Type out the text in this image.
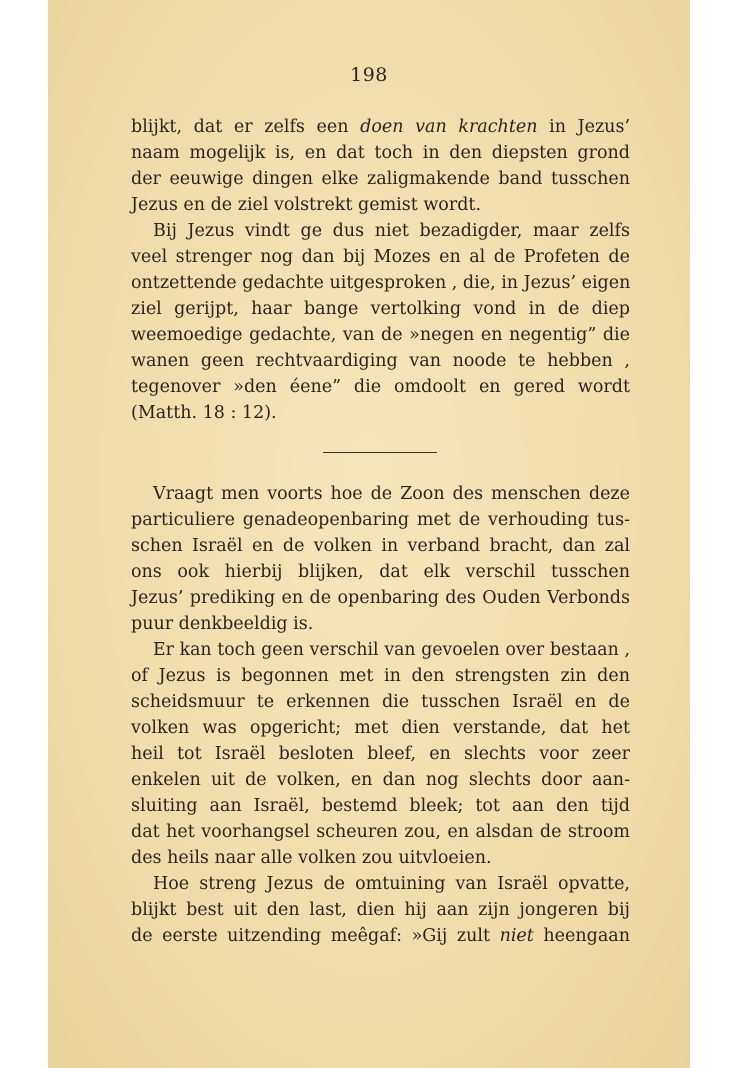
198
blijkt, dat er zelfs een doen van krachten in Jezus’
naam mogelijk is, en dat toch in den diepsten grond
der eeuwige dingen elke zaligmakende band tusschen
Jezus en de ziel volstrekt gemist wordt.
Bij Jezus vindt ge dus niet bezadigder, maar zelfs
veel strenger nog dan bij Mozes en al de Profeten de
ontzettende gedachte uitgesproken , die, in Jezus’ eigen
ziel gerijpt, haar bange vertolking vond in de diep
weemoedige gedachte, van de »negen en negentig” die
wanen geen rechtvaardiging van noode te hebben ,
tegenover »den éene” die omdoolt en gered wordt
(Matth. 18 : 12).
Vraagt men voorts hoe de Zoon des menschen deze
particuliere genadeopenbaring met de verhouding tus-
schen Israël en de volken in verband bracht, dan zal
ons ook hierbij blijken, dat elk verschil tusschen
Jezus’ prediking en de openbaring des Ouden Verbonds
puur denkbeeldig is.
Er kan toch geen verschil van gevoelen over bestaan ,
of Jezus is begonnen met in den strengsten zin den
scheidsmuur te erkennen die tusschen Israël en de
volken was opgericht; met dien verstande, dat het
heil tot Israël besloten bleef, en slechts voor zeer
enkelen uit de volken, en dan nog slechts door aan-
sluiting aan Israël, bestemd bleek; tot aan den tijd
dat het voorhangsel scheuren zou, en alsdan de stroom
des heils naar alle volken zou uitvloeien.
Hoe streng Jezus de omtuining van Israël opvatte,
blijkt best uit den last, dien hij aan zijn jongeren bij
de eerste uitzending meêgaf: »Gij zult niet heengaan
